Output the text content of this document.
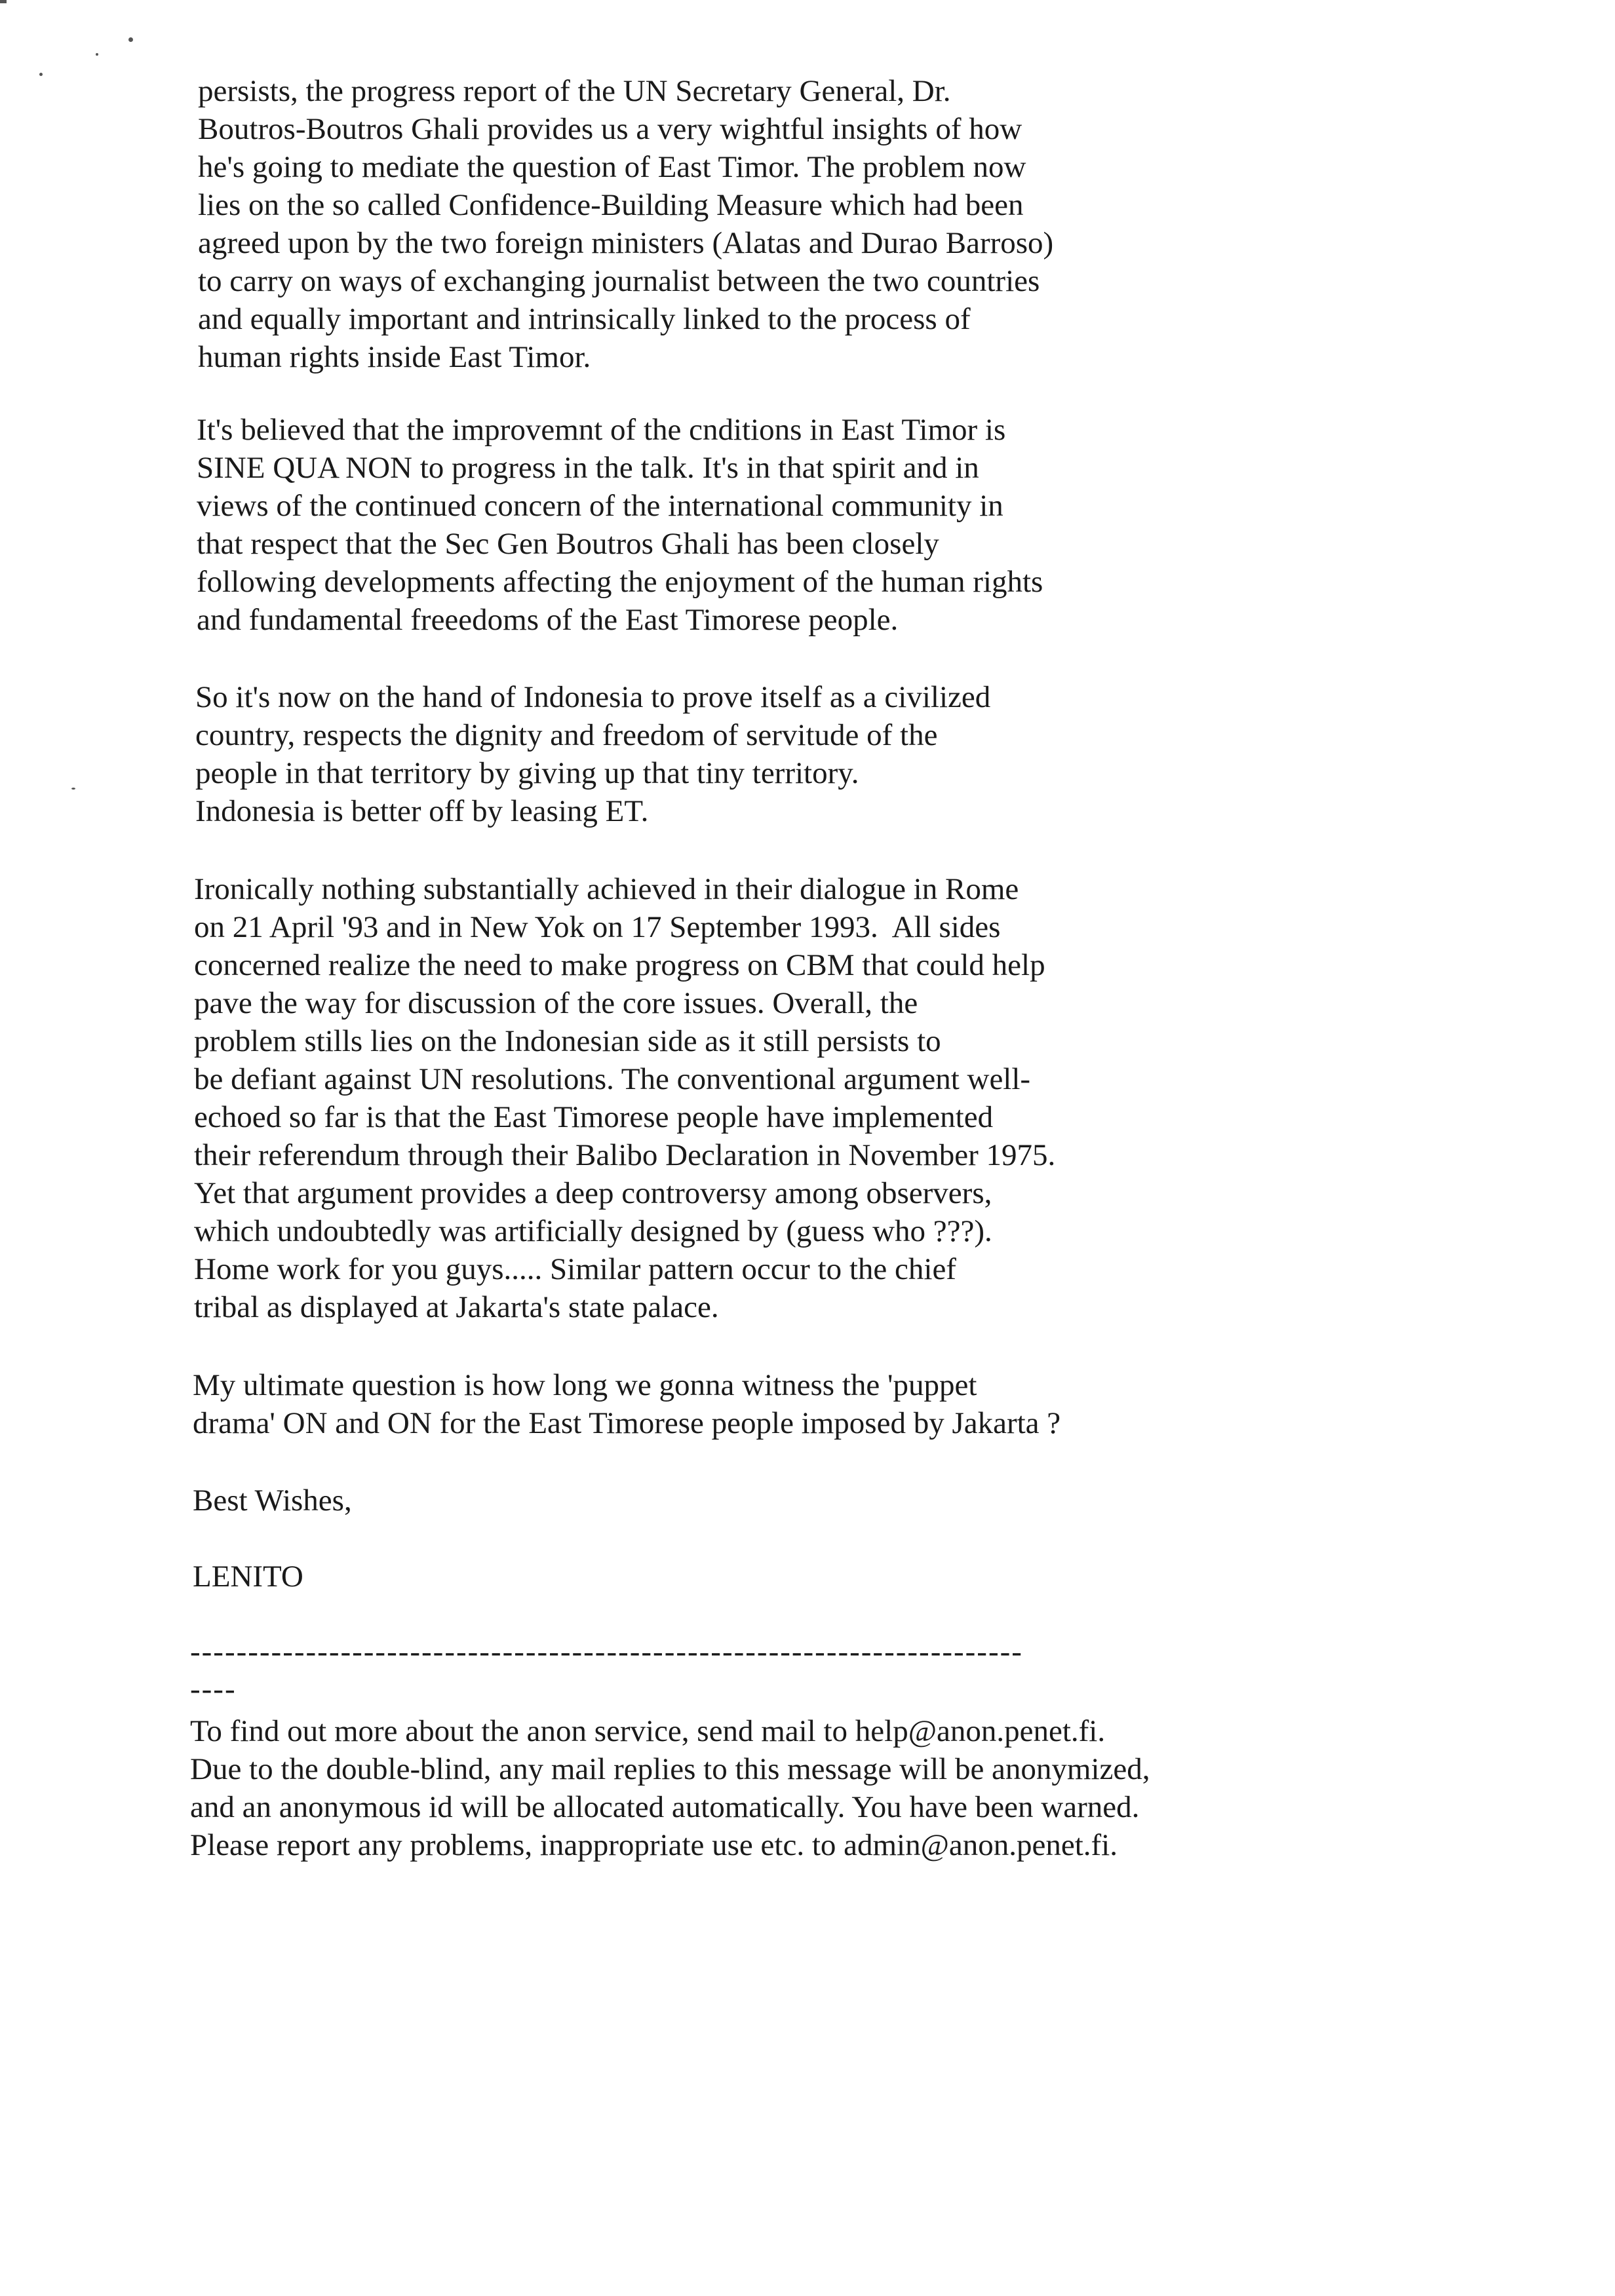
persists, the progress report of the UN Secretary General, Dr.
Boutros-Boutros Ghali provides us a very wightful insights of how
he's going to mediate the question of East Timor. The problem now
lies on the so called Confidence-Building Measure which had been
agreed upon by the two foreign ministers (Alatas and Durao Barroso)
to carry on ways of exchanging journalist between the two countries
and equally important and intrinsically linked to the process of
human rights inside East Timor.
It's believed that the improvemnt of the cnditions in East Timor is
SINE QUA NON to progress in the talk. It's in that spirit and in
views of the continued concern of the international community in
that respect that the Sec Gen Boutros Ghali has been closely
following developments affecting the enjoyment of the human rights
and fundamental freeedoms of the East Timorese people.
So it's now on the hand of Indonesia to prove itself as a civilized
country, respects the dignity and freedom of servitude of the
people in that territory by giving up that tiny territory.
Indonesia is better off by leasing ET.
Ironically nothing substantially achieved in their dialogue in Rome
on 21 April '93 and in New Yok on 17 September 1993.  All sides
concerned realize the need to make progress on CBM that could help
pave the way for discussion of the core issues. Overall, the
problem stills lies on the Indonesian side as it still persists to
be defiant against UN resolutions. The conventional argument well-
echoed so far is that the East Timorese people have implemented
their referendum through their Balibo Declaration in November 1975.
Yet that argument provides a deep controversy among observers,
which undoubtedly was artificially designed by (guess who ???).
Home work for you guys..... Similar pattern occur to the chief
tribal as displayed at Jakarta's state palace.
My ultimate question is how long we gonna witness the 'puppet
drama' ON and ON for the East Timorese people imposed by Jakarta ?
Best Wishes,
LENITO
------------------------------------------------------------------------
----
To find out more about the anon service, send mail to help@anon.penet.fi.
Due to the double-blind, any mail replies to this message will be anonymized,
and an anonymous id will be allocated automatically. You have been warned.
Please report any problems, inappropriate use etc. to admin@anon.penet.fi.
